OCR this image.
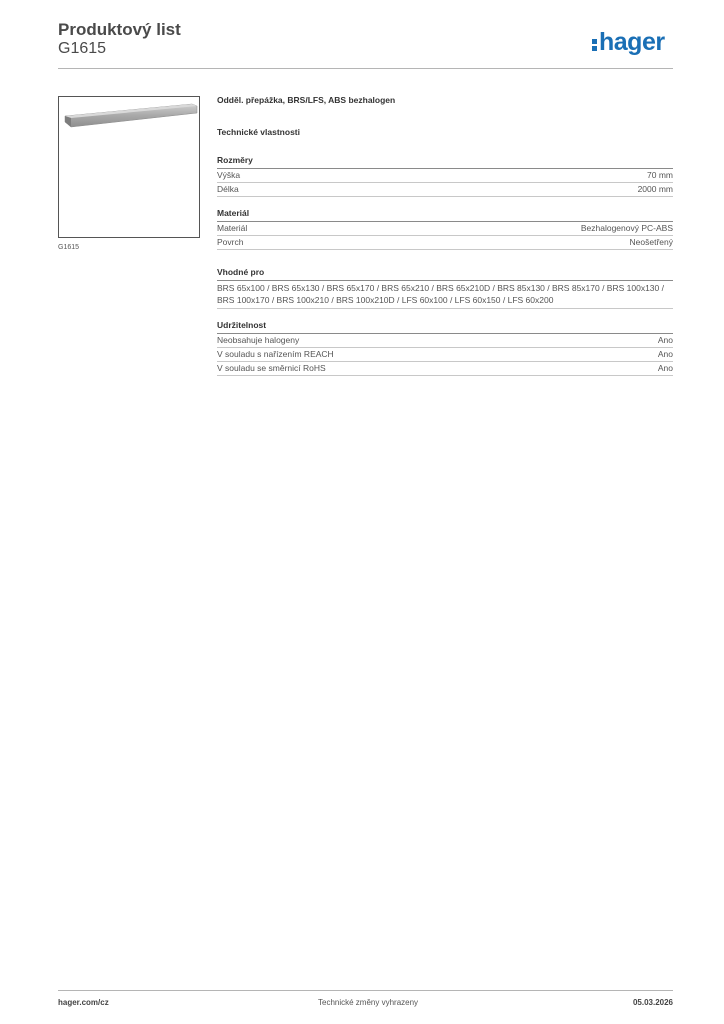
Produktový list
G1615	hager
G1615
Odděl. přepážka, BRS/LFS, ABS bezhalogen
Technické vlastnosti
Rozměry
Výška	70 mm
Délka	2000 mm
Materiál
Materiál	Bezhalogenový PC-ABS
Povrch	Neošetřený
Vhodné pro
BRS 65x100 / BRS 65x130 / BRS 65x170 / BRS 65x210 / BRS 65x210D / BRS 85x130 / BRS 85x170 / BRS 100x130 / BRS 100x170 / BRS 100x210 / BRS 100x210D / LFS 60x100 / LFS 60x150 / LFS 60x200
Udržitelnost
Neobsahuje halogeny	Ano
V souladu s nařízením REACH	Ano
V souladu se směrnicí RoHS	Ano
hager.com/cz	Technické změny vyhrazeny	05.03.2026
